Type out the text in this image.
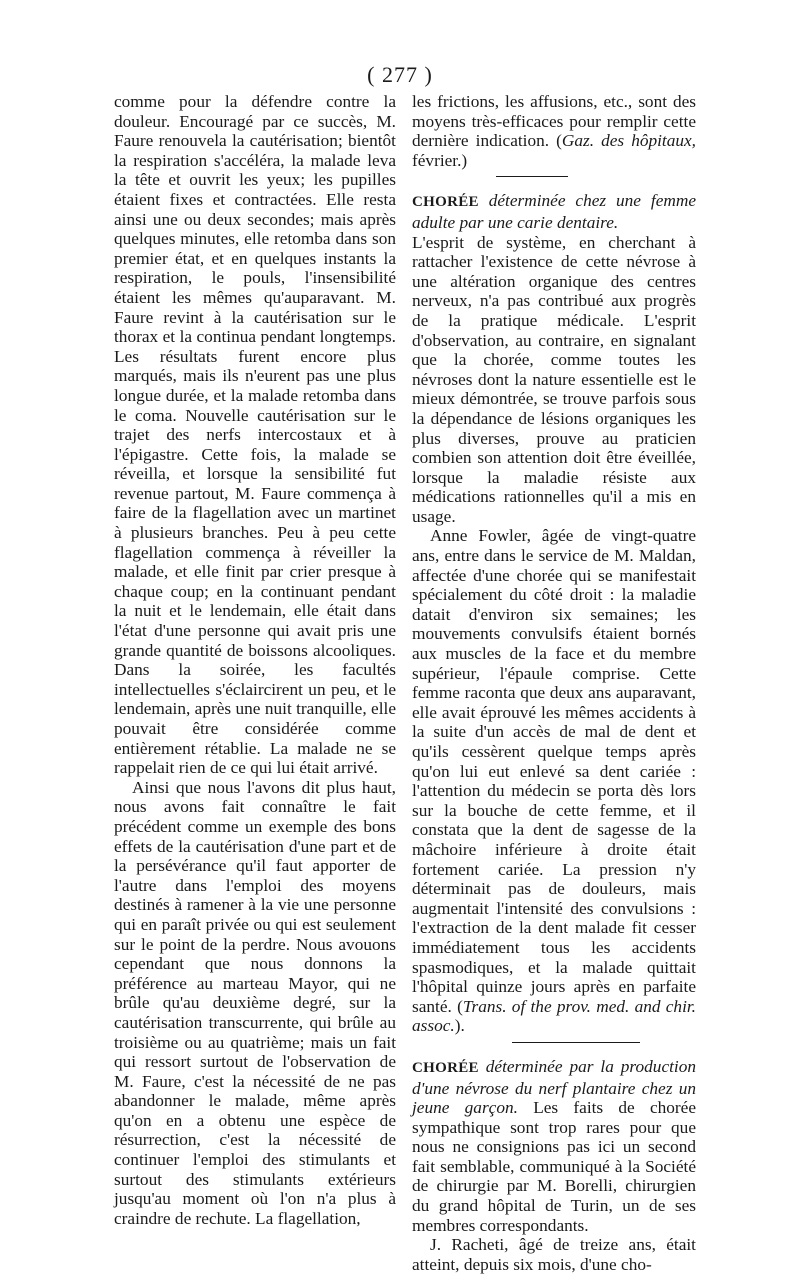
( 277 )

comme pour la défendre contre la douleur. Encouragé par ce succès, M. Faure renouvela la cautérisation; bientôt la respiration s'accéléra, la malade leva la tête et ouvrit les yeux; les pupilles étaient fixes et contractées. Elle resta ainsi une ou deux secondes; mais après quelques minutes, elle retomba dans son premier état, et en quelques instants la respiration, le pouls, l'insensibilité étaient les mêmes qu'auparavant. M. Faure revint à la cautérisation sur le thorax et la continua pendant longtemps. Les résultats furent encore plus marqués, mais ils n'eurent pas une plus longue durée, et la malade retomba dans le coma. Nouvelle cautérisation sur le trajet des nerfs intercostaux et à l'épigastre. Cette fois, la malade se réveilla, et lorsque la sensibilité fut revenue partout, M. Faure commença à faire de la flagellation avec un martinet à plusieurs branches. Peu à peu cette flagellation commença à réveiller la malade, et elle finit par crier presque à chaque coup; en la continuant pendant la nuit et le lendemain, elle était dans l'état d'une personne qui avait pris une grande quantité de boissons alcooliques. Dans la soirée, les facultés intellectuelles s'éclaircirent un peu, et le lendemain, après une nuit tranquille, elle pouvait être considérée comme entièrement rétablie. La malade ne se rappelait rien de ce qui lui était arrivé.

Ainsi que nous l'avons dit plus haut, nous avons fait connaître le fait précédent comme un exemple des bons effets de la cautérisation d'une part et de la persévérance qu'il faut apporter de l'autre dans l'emploi des moyens destinés à ramener à la vie une personne qui en paraît privée ou qui est seulement sur le point de la perdre. Nous avouons cependant que nous donnons la préférence au marteau Mayor, qui ne brûle qu'au deuxième degré, sur la cautérisation transcurrente, qui brûle au troisième ou au quatrième; mais un fait qui ressort surtout de l'observation de M. Faure, c'est la nécessité de ne pas abandonner le malade, même après qu'on en a obtenu une espèce de résurrection, c'est la nécessité de continuer l'emploi des stimulants et surtout des stimulants extérieurs jusqu'au moment où l'on n'a plus à craindre de rechute. La flagellation,

les frictions, les affusions, etc., sont des moyens très-efficaces pour remplir cette dernière indication. (Gaz. des hôpitaux, février.)

CHORÉE déterminée chez une femme adulte par une carie dentaire.

L'esprit de système, en cherchant à rattacher l'existence de cette névrose à une altération organique des centres nerveux, n'a pas contribué aux progrès de la pratique médicale. L'esprit d'observation, au contraire, en signalant que la chorée, comme toutes les névroses dont la nature essentielle est le mieux démontrée, se trouve parfois sous la dépendance de lésions organiques les plus diverses, prouve au praticien combien son attention doit être éveillée, lorsque la maladie résiste aux médications rationnelles qu'il a mis en usage.

Anne Fowler, âgée de vingt-quatre ans, entre dans le service de M. Maldan, affectée d'une chorée qui se manifestait spécialement du côté droit : la maladie datait d'environ six semaines; les mouvements convulsifs étaient bornés aux muscles de la face et du membre supérieur, l'épaule comprise. Cette femme raconta que deux ans auparavant, elle avait éprouvé les mêmes accidents à la suite d'un accès de mal de dent et qu'ils cessèrent quelque temps après qu'on lui eut enlevé sa dent cariée : l'attention du médecin se porta dès lors sur la bouche de cette femme, et il constata que la dent de sagesse de la mâchoire inférieure à droite était fortement cariée. La pression n'y déterminait pas de douleurs, mais augmentait l'intensité des convulsions : l'extraction de la dent malade fit cesser immédiatement tous les accidents spasmodiques, et la malade quittait l'hôpital quinze jours après en parfaite santé. (Trans. of the prov. med. and chir. assoc.).

CHORÉE déterminée par la production d'une névrose du nerf plantaire chez un jeune garçon. Les faits de chorée sympathique sont trop rares pour que nous ne consignions pas ici un second fait semblable, communiqué à la Société de chirurgie par M. Borelli, chirurgien du grand hôpital de Turin, un de ses membres correspondants.

J. Racheti, âgé de treize ans, était atteint, depuis six mois, d'une cho-
